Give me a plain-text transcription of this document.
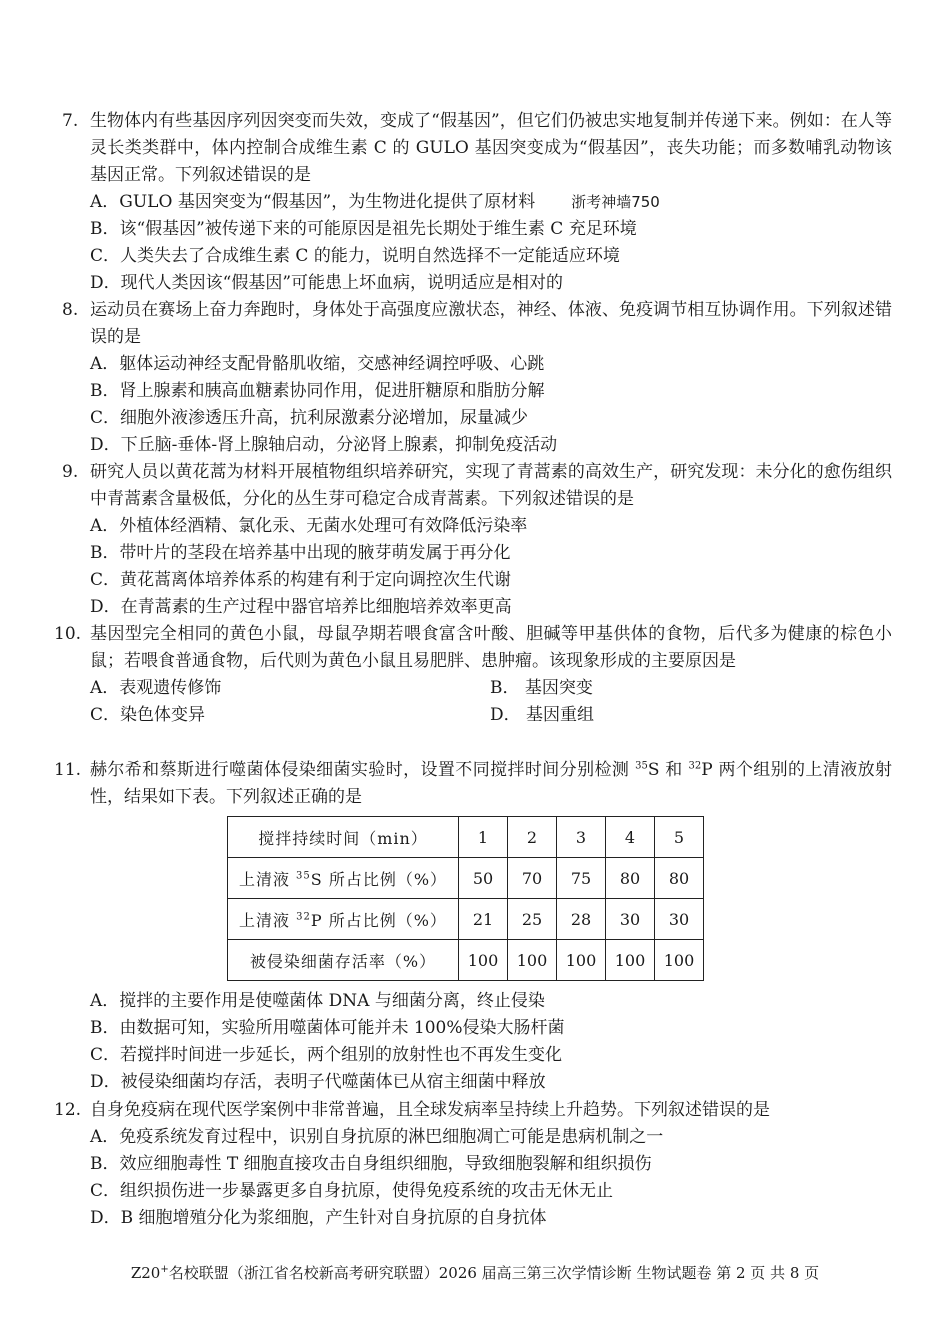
7. 生物体内有些基因序列因突变而失效，变成了“假基因”，但它们仍被忠实地复制并传递下来。例如：在人等灵长类类群中，体内控制合成维生素 C 的 GULO 基因突变成为“假基因”，丧失功能；而多数哺乳动物该基因正常。下列叙述错误的是
A．GULO 基因突变为“假基因”，为生物进化提供了原材料 浙考神墙750
B．该“假基因”被传递下来的可能原因是祖先长期处于维生素 C 充足环境
C．人类失去了合成维生素 C 的能力，说明自然选择不一定能适应环境
D．现代人类因该“假基因”可能患上坏血病，说明适应是相对的
8. 运动员在赛场上奋力奔跑时，身体处于高强度应激状态，神经、体液、免疫调节相互协调作用。下列叙述错误的是
A．躯体运动神经支配骨骼肌收缩，交感神经调控呼吸、心跳
B．肾上腺素和胰高血糖素协同作用，促进肝糖原和脂肪分解
C．细胞外液渗透压升高，抗利尿激素分泌增加，尿量减少
D．下丘脑-垂体-肾上腺轴启动，分泌肾上腺素，抑制免疫活动
9. 研究人员以黄花蒿为材料开展植物组织培养研究，实现了青蒿素的高效生产，研究发现：未分化的愈伤组织中青蒿素含量极低，分化的丛生芽可稳定合成青蒿素。下列叙述错误的是
A．外植体经酒精、氯化汞、无菌水处理可有效降低污染率
B．带叶片的茎段在培养基中出现的腋芽萌发属于再分化
C．黄花蒿离体培养体系的构建有利于定向调控次生代谢
D．在青蒿素的生产过程中器官培养比细胞培养效率更高
10. 基因型完全相同的黄色小鼠，母鼠孕期若喂食富含叶酸、胆碱等甲基供体的食物，后代多为健康的棕色小鼠；若喂食普通食物，后代则为黄色小鼠且易肥胖、患肿瘤。该现象形成的主要原因是
A．表观遗传修饰	B． 基因突变
C．染色体变异	D． 基因重组
11. 赫尔希和蔡斯进行噬菌体侵染细菌实验时，设置不同搅拌时间分别检测 $^{35}$S 和 $^{32}$P 两个组别的上清液放射性，结果如下表。下列叙述正确的是
搅拌持续时间（min）	1	2	3	4	5
上清液 $^{35}$S 所占比例（%）	50	70	75	80	80
上清液 $^{32}$P 所占比例（%）	21	25	28	30	30
被侵染细菌存活率（%）	100	100	100	100	100
A．搅拌的主要作用是使噬菌体 DNA 与细菌分离，终止侵染
B．由数据可知，实验所用噬菌体可能并未 100%侵染大肠杆菌
C．若搅拌时间进一步延长，两个组别的放射性也不再发生变化
D．被侵染细菌均存活，表明子代噬菌体已从宿主细菌中释放
12. 自身免疫病在现代医学案例中非常普遍，且全球发病率呈持续上升趋势。下列叙述错误的是
A．免疫系统发育过程中，识别自身抗原的淋巴细胞凋亡可能是患病机制之一
B．效应细胞毒性 T 细胞直接攻击自身组织细胞，导致细胞裂解和组织损伤
C．组织损伤进一步暴露更多自身抗原，使得免疫系统的攻击无休无止
D．B 细胞增殖分化为浆细胞，产生针对自身抗原的自身抗体
Z20+名校联盟（浙江省名校新高考研究联盟）2026 届高三第三次学情诊断 生物试题卷 第 2 页 共 8 页
